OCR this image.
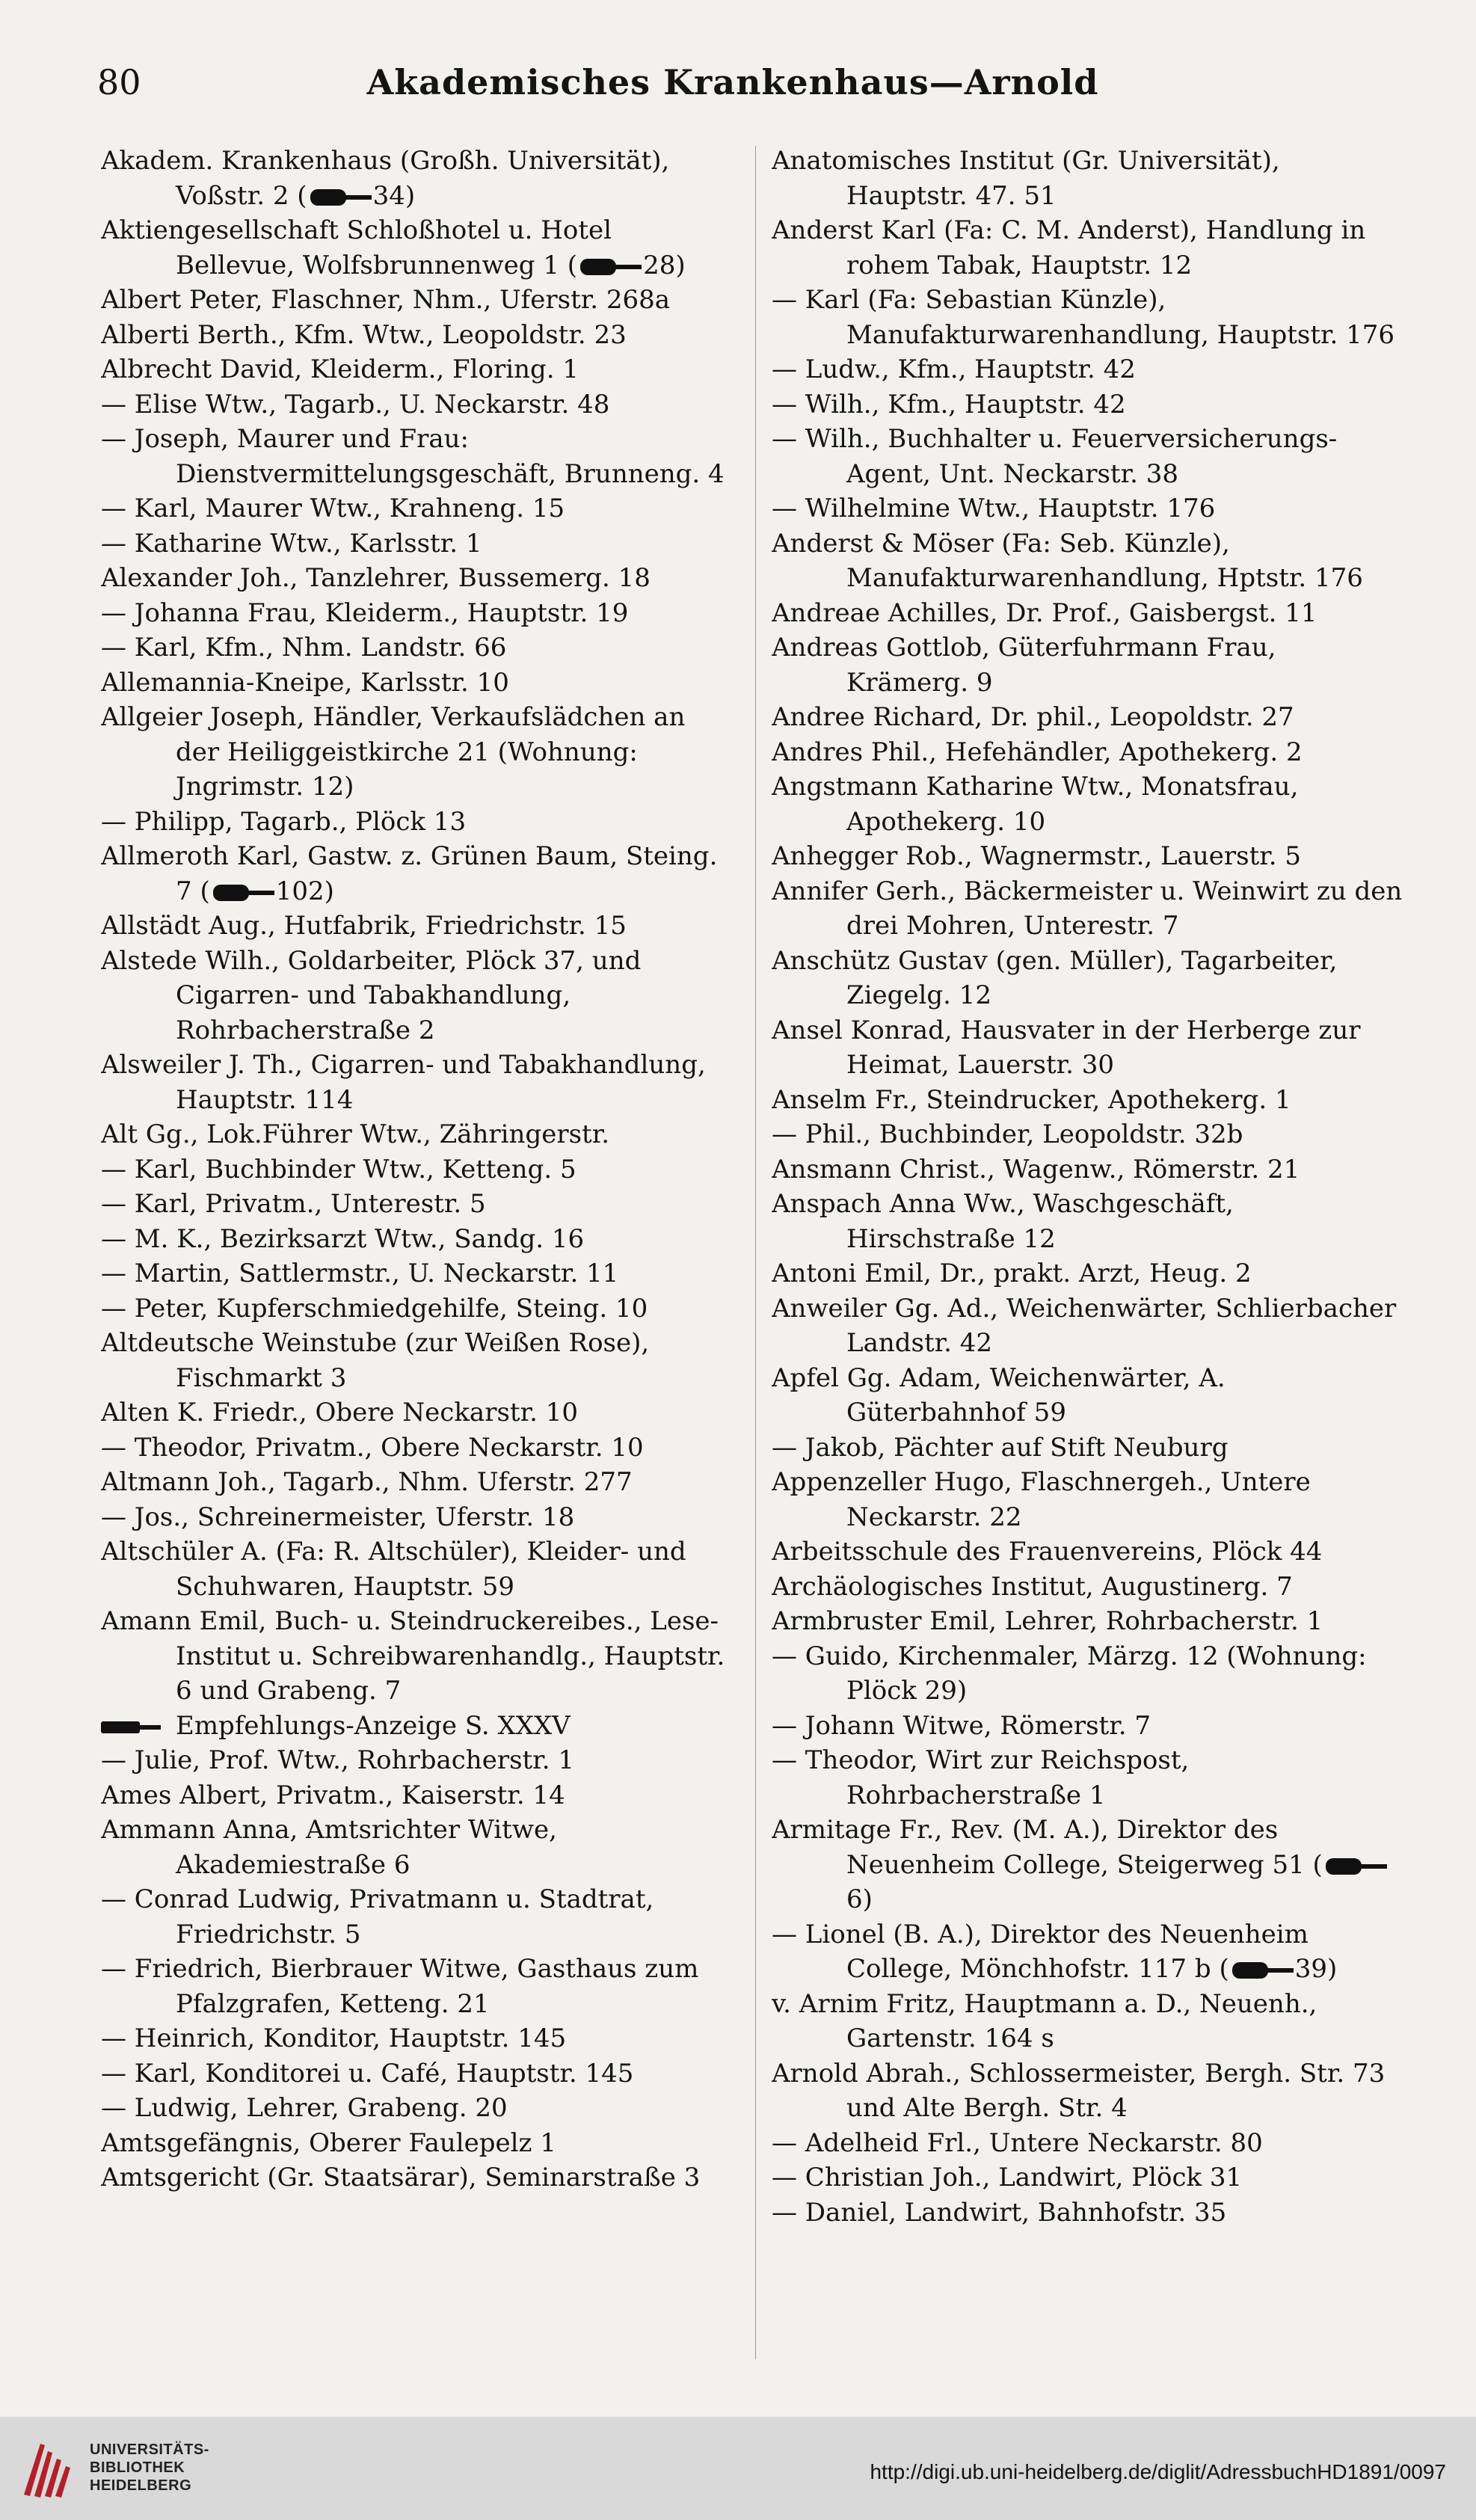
80	Akademisches Krankenhaus—Arnold

Akadem. Krankenhaus (Großh. Universität), Voßstr. 2 (	34)

Aktiengesellschaft Schloßhotel u. Hotel Bellevue, Wolfsbrunnenweg 1 (	28)

Albert Peter, Flaschner, Nhm., Uferstr. 268a

Alberti Berth., Kfm. Wtw., Leopoldstr. 23

Albrecht David, Kleiderm., Floring. 1

— Elise Wtw., Tagarb., U. Neckarstr. 48

— Joseph, Maurer und Frau: Dienstvermittelungsgeschäft, Brunneng. 4

— Karl, Maurer Wtw., Krahneng. 15

— Katharine Wtw., Karlsstr. 1

Alexander Joh., Tanzlehrer, Bussemerg. 18

— Johanna Frau, Kleiderm., Hauptstr. 19

— Karl, Kfm., Nhm. Landstr. 66

Allemannia-Kneipe, Karlsstr. 10

Allgeier Joseph, Händler, Verkaufslädchen an der Heiliggeistkirche 21 (Wohnung: Jngrimstr. 12)

— Philipp, Tagarb., Plöck 13

Allmeroth Karl, Gastw. z. Grünen Baum, Steing. 7 (	102)

Allstädt Aug., Hutfabrik, Friedrichstr. 15

Alstede Wilh., Goldarbeiter, Plöck 37, und Cigarren- und Tabakhandlung, Rohrbacherstraße 2

Alsweiler J. Th., Cigarren- und Tabakhandlung, Hauptstr. 114

Alt Gg., Lok.Führer Wtw., Zähringerstr.

— Karl, Buchbinder Wtw., Ketteng. 5

— Karl, Privatm., Unterestr. 5

— M. K., Bezirksarzt Wtw., Sandg. 16

— Martin, Sattlermstr., U. Neckarstr. 11

— Peter, Kupferschmiedgehilfe, Steing. 10

Altdeutsche Weinstube (zur Weißen Rose), Fischmarkt 3

Alten K. Friedr., Obere Neckarstr. 10

— Theodor, Privatm., Obere Neckarstr. 10

Altmann Joh., Tagarb., Nhm. Uferstr. 277

— Jos., Schreinermeister, Uferstr. 18

Altschüler A. (Fa: R. Altschüler), Kleider- und Schuhwaren, Hauptstr. 59

Amann Emil, Buch- u. Steindruckereibes., Lese-Institut u. Schreibwarenhandlg., Hauptstr. 6 und Grabeng. 7

Empfehlungs-Anzeige S. XXXV

— Julie, Prof. Wtw., Rohrbacherstr. 1

Ames Albert, Privatm., Kaiserstr. 14

Ammann Anna, Amtsrichter Witwe, Akademiestraße 6

— Conrad Ludwig, Privatmann u. Stadtrat, Friedrichstr. 5

— Friedrich, Bierbrauer Witwe, Gasthaus zum Pfalzgrafen, Ketteng. 21

— Heinrich, Konditor, Hauptstr. 145

— Karl, Konditorei u. Café, Hauptstr. 145

— Ludwig, Lehrer, Grabeng. 20

Amtsgefängnis, Oberer Faulepelz 1

Amtsgericht (Gr. Staatsärar), Seminarstraße 3

Anatomisches Institut (Gr. Universität), Hauptstr. 47. 51

Anderst Karl (Fa: C. M. Anderst), Handlung in rohem Tabak, Hauptstr. 12

— Karl (Fa: Sebastian Künzle), Manufakturwarenhandlung, Hauptstr. 176

— Ludw., Kfm., Hauptstr. 42

— Wilh., Kfm., Hauptstr. 42

— Wilh., Buchhalter u. Feuerversicherungs-Agent, Unt. Neckarstr. 38

— Wilhelmine Wtw., Hauptstr. 176

Anderst & Möser (Fa: Seb. Künzle), Manufakturwarenhandlung, Hptstr. 176

Andreae Achilles, Dr. Prof., Gaisbergst. 11

Andreas Gottlob, Güterfuhrmann Frau, Krämerg. 9

Andree Richard, Dr. phil., Leopoldstr. 27

Andres Phil., Hefehändler, Apothekerg. 2

Angstmann Katharine Wtw., Monatsfrau, Apothekerg. 10

Anhegger Rob., Wagnermstr., Lauerstr. 5

Annifer Gerh., Bäckermeister u. Weinwirt zu den drei Mohren, Unterestr. 7

Anschütz Gustav (gen. Müller), Tagarbeiter, Ziegelg. 12

Ansel Konrad, Hausvater in der Herberge zur Heimat, Lauerstr. 30

Anselm Fr., Steindrucker, Apothekerg. 1

— Phil., Buchbinder, Leopoldstr. 32b

Ansmann Christ., Wagenw., Römerstr. 21

Anspach Anna Ww., Waschgeschäft, Hirschstraße 12

Antoni Emil, Dr., prakt. Arzt, Heug. 2

Anweiler Gg. Ad., Weichenwärter, Schlierbacher Landstr. 42

Apfel Gg. Adam, Weichenwärter, A. Güterbahnhof 59

— Jakob, Pächter auf Stift Neuburg

Appenzeller Hugo, Flaschnergeh., Untere Neckarstr. 22

Arbeitsschule des Frauenvereins, Plöck 44

Archäologisches Institut, Augustinerg. 7

Armbruster Emil, Lehrer, Rohrbacherstr. 1

— Guido, Kirchenmaler, Märzg. 12 (Wohnung: Plöck 29)

— Johann Witwe, Römerstr. 7

— Theodor, Wirt zur Reichspost, Rohrbacherstraße 1

Armitage Fr., Rev. (M. A.), Direktor des Neuenheim College, Steigerweg 51 (6)

— Lionel (B. A.), Direktor des Neuenheim College, Mönchhofstr. 117 b (	39)

v. Arnim Fritz, Hauptmann a. D., Neuenh., Gartenstr. 164 s

Arnold Abrah., Schlossermeister, Bergh. Str. 73 und Alte Bergh. Str. 4

— Adelheid Frl., Untere Neckarstr. 80

— Christian Joh., Landwirt, Plöck 31

— Daniel, Landwirt, Bahnhofstr. 35

UNIVERSITÄTS-
BIBLIOTHEK
HEIDELBERG
http://digi.ub.uni-heidelberg.de/diglit/AdressbuchHD1891/0097
